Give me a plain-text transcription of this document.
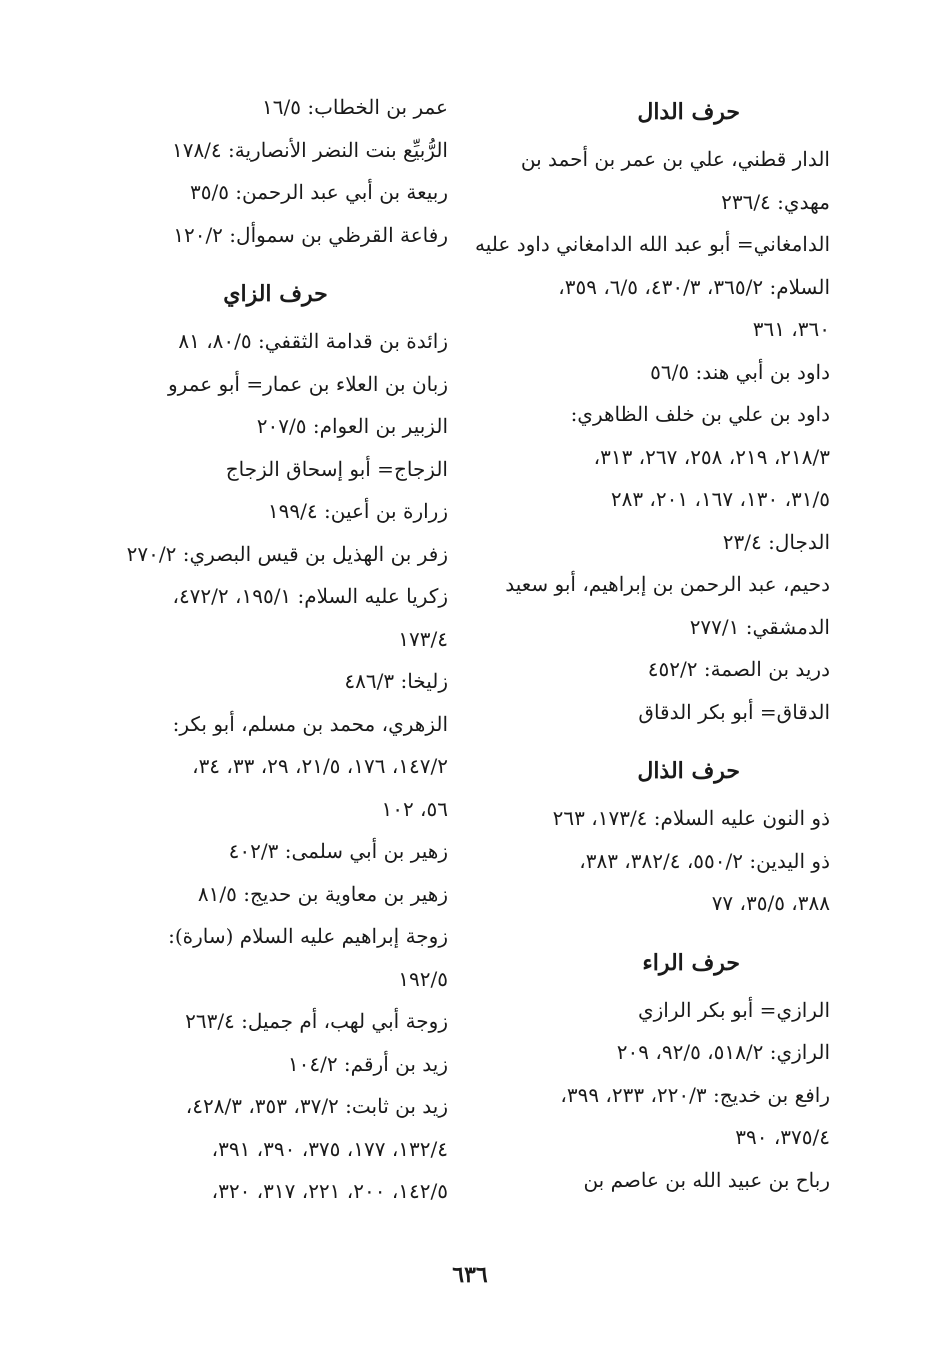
حرف الدال
الدار قطني، علي بن عمر بن أحمد بن
مهدي: ٢٣٦/٤
الدامغاني= أبو عبد الله الدامغاني داود عليه
السلام: ٣٦٥/٢، ٤٣٠/٣، ٦/٥، ٣٥٩،
٣٦٠، ٣٦١
داود بن أبي هند: ٥٦/٥
داود بن علي بن خلف الظاهري:
٢١٨/٣، ٢١٩، ٢٥٨، ٢٦٧، ٣١٣،
٣١/٥، ١٣٠، ١٦٧، ٢٠١، ٢٨٣
الدجال: ٢٣/٤
دحيم، عبد الرحمن بن إبراهيم، أبو سعيد
الدمشقي: ٢٧٧/١
دريد بن الصمة: ٤٥٢/٢
الدقاق= أبو بكر الدقاق
حرف الذال
ذو النون عليه السلام: ١٧٣/٤، ٢٦٣
ذو اليدين: ٥٥٠/٢، ٣٨٢/٤، ٣٨٣،
٣٨٨، ٣٥/٥، ٧٧
حرف الراء
الرازي= أبو بكر الرازي
الرازي: ٥١٨/٢، ٩٢/٥، ٢٠٩
رافع بن خديج: ٢٢٠/٣، ٢٣٣، ٣٩٩،
٣٧٥/٤، ٣٩٠
رباح بن عبيد الله بن عاصم بن
عمر بن الخطاب: ١٦/٥
الرُّبيِّع بنت النضر الأنصارية: ١٧٨/٤
ربيعة بن أبي عبد الرحمن: ٣٥/٥
رفاعة القرظي بن سموأل: ١٢٠/٢
حرف الزاي
زائدة بن قدامة الثقفي: ٨٠/٥، ٨١
زبان بن العلاء بن عمار= أبو عمرو
الزبير بن العوام: ٢٠٧/٥
الزجاج= أبو إسحاق الزجاج
زرارة بن أعين: ١٩٩/٤
زفر بن الهذيل بن قيس البصري: ٢٧٠/٢
زكريا عليه السلام: ١٩٥/١، ٤٧٢/٢،
١٧٣/٤
زليخا: ٤٨٦/٣
الزهري، محمد بن مسلم، أبو بكر:
١٤٧/٢، ١٧٦، ٢١/٥، ٢٩، ٣٣، ٣٤،
٥٦، ١٠٢
زهير بن أبي سلمى: ٤٠٢/٣
زهير بن معاوية بن حديج: ٨١/٥
زوجة إبراهيم عليه السلام (سارة):
١٩٢/٥
زوجة أبي لهب، أم جميل: ٢٦٣/٤
زيد بن أرقم: ١٠٤/٢
زيد بن ثابت: ٣٧/٢، ٣٥٣، ٤٢٨/٣،
١٣٢/٤، ١٧٧، ٣٧٥، ٣٩٠، ٣٩١،
١٤٢/٥، ٢٠٠، ٢٢١، ٣١٧، ٣٢٠،
٦٣٦
